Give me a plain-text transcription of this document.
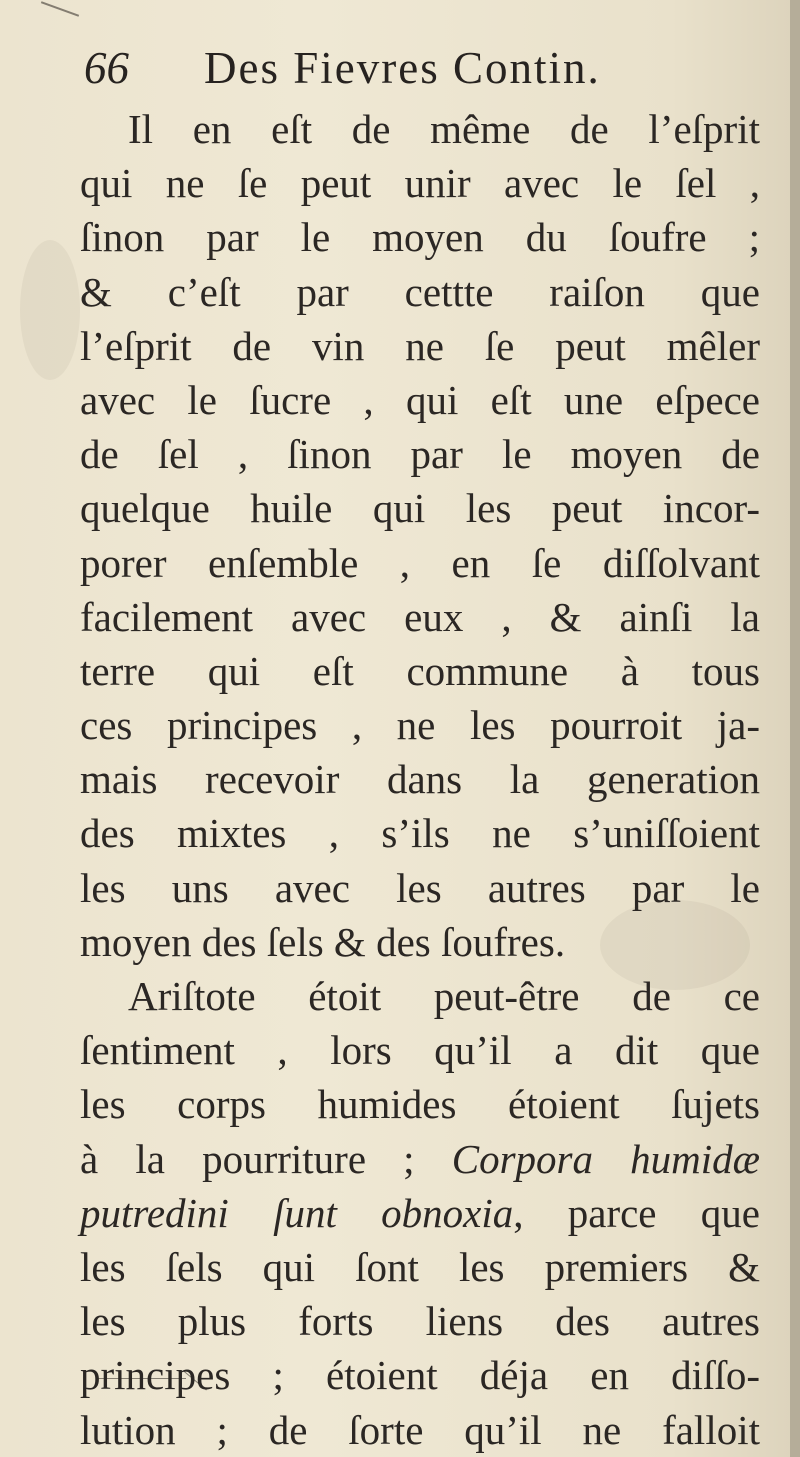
66 Des Fievres Contin.
Il en eſt de même de l’eſprit
qui ne ſe peut unir avec le ſel ,
ſinon par le moyen du ſoufre ;
& c’eſt par cettte raiſon que
l’eſprit de vin ne ſe peut mêler
avec le ſucre , qui eſt une eſpece
de ſel , ſinon par le moyen de
quelque huile qui les peut incor-
porer enſemble , en ſe diſſolvant
facilement avec eux , & ainſi la
terre qui eſt commune à tous
ces principes , ne les pourroit ja-
mais recevoir dans la generation
des mixtes , s’ils ne s’uniſſoient
les uns avec les autres par le
moyen des ſels & des ſoufres.
Ariſtote étoit peut-être de ce
ſentiment , lors qu’il a dit que
les corps humides étoient ſujets
à la pourriture ; Corpora humidæ
putredini ſunt obnoxia, parce que
les ſels qui ſont les premiers &
les plus forts liens des autres
principes ; étoient déja en diſſo-
lution ; de ſorte qu’il ne falloit
